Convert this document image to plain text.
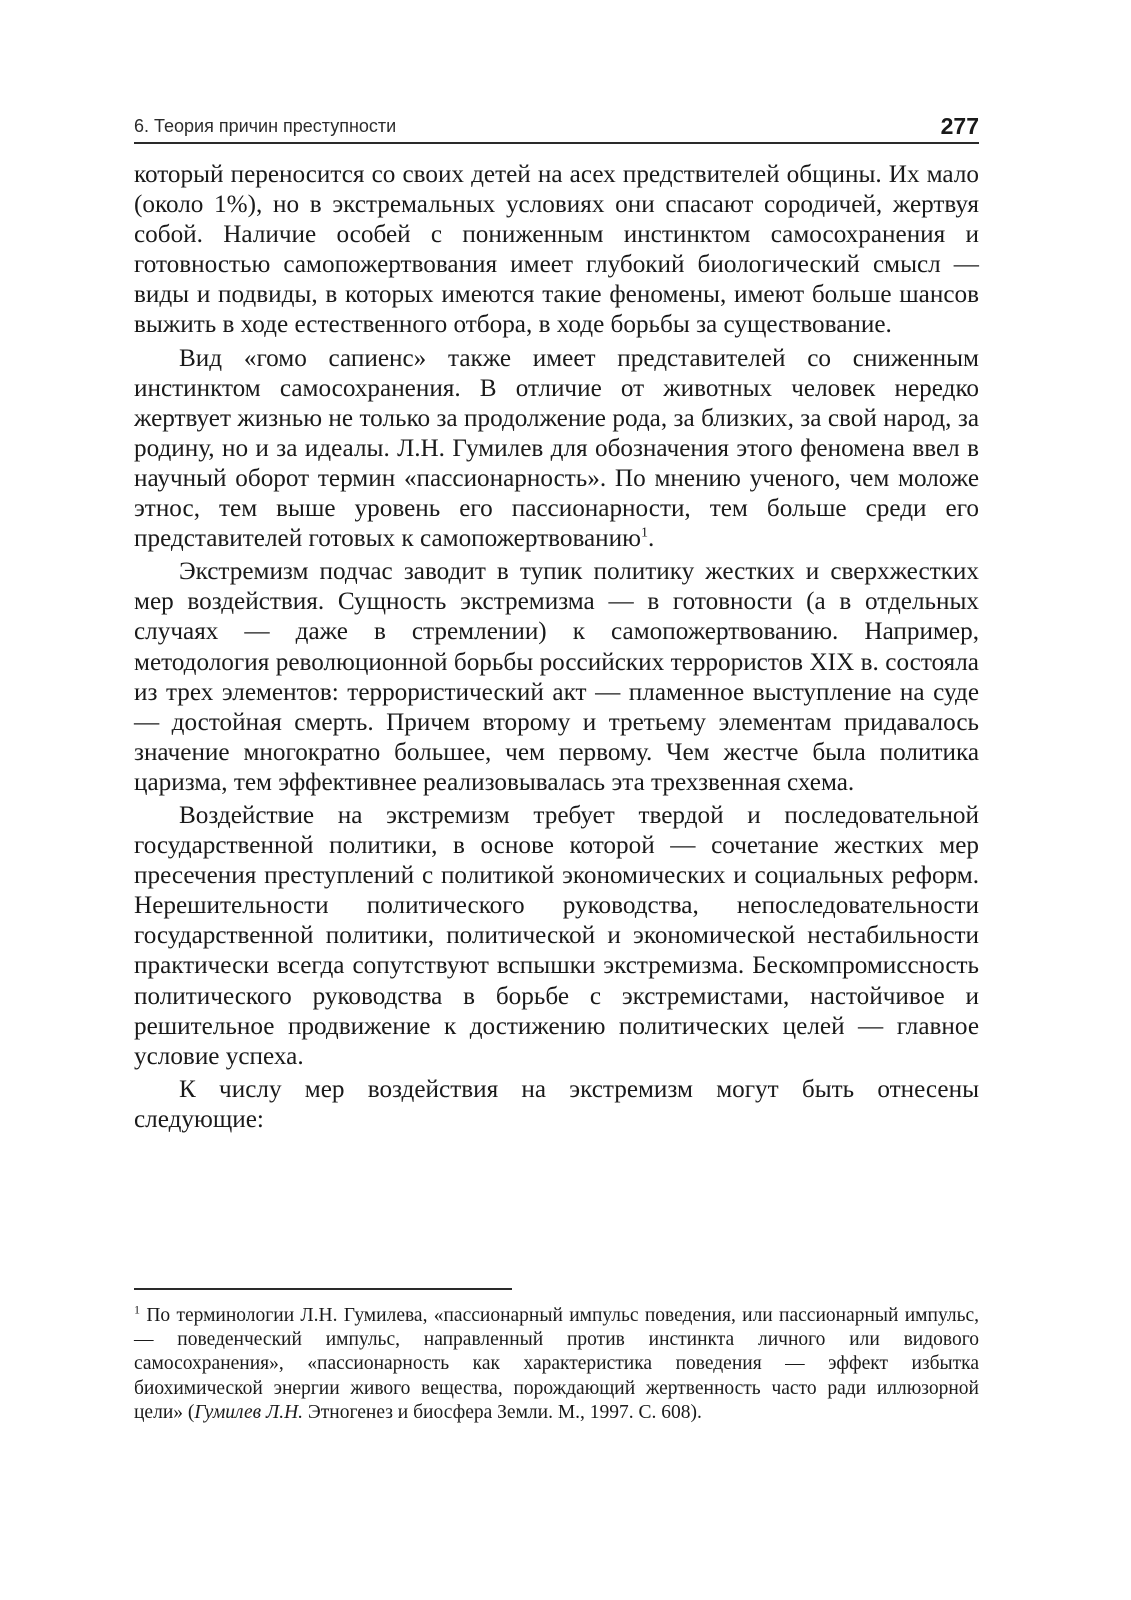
6. Теория причин преступности	277

который переносится со своих детей на асех предствителей общины. Их мало (около 1%), но в экстремальных условиях они спасают сородичей, жертвуя собой. Наличие особей с пониженным инстинктом самосохранения и готовностью самопожертвования имеет глубокий биологический смысл — виды и подвиды, в которых имеются такие феномены, имеют больше шансов выжить в ходе естественного отбора, в ходе борьбы за существование.

Вид «гомо сапиенс» также имеет представителей со сниженным инстинктом самосохранения. В отличие от животных человек нередко жертвует жизнью не только за продолжение рода, за близких, за свой народ, за родину, но и за идеалы. Л.Н. Гумилев для обозначения этого феномена ввел в научный оборот термин «пассионарность». По мнению ученого, чем моложе этнос, тем выше уровень его пассионарности, тем больше среди его представителей готовых к самопожертвованию$^1$.

Экстремизм подчас заводит в тупик политику жестких и сверхжестких мер воздействия. Сущность экстремизма — в готовности (а в отдельных случаях — даже в стремлении) к самопожертвованию. Например, методология революционной борьбы российских террористов XIX в. состояла из трех элементов: террористический акт — пламенное выступление на суде — достойная смерть. Причем второму и третьему элементам придавалось значение многократно большее, чем первому. Чем жестче была политика царизма, тем эффективнее реализовывалась эта трехзвенная схема.

Воздействие на экстремизм требует твердой и последовательной государственной политики, в основе которой — сочетание жестких мер пресечения преступлений с политикой экономических и социальных реформ. Нерешительности политического руководства, непоследовательности государственной политики, политической и экономической нестабильности практически всегда сопутствуют вспышки экстремизма. Бескомпромиссность политического руководства в борьбе с экстремистами, настойчивое и решительное продвижение к достижению политических целей — главное условие успеха.

К числу мер воздействия на экстремизм могут быть отнесены следующие:

$^1$ По терминологии Л.Н. Гумилева, «пассионарный импульс поведения, или пассионарный импульс, — поведенческий импульс, направленный против инстинкта личного или видового самосохранения», «пассионарность как характеристика поведения — эффект избытка биохимической энергии живого вещества, порождающий жертвенность часто ради иллюзорной цели» (Гумилев Л.Н. Этногенез и биосфера Земли. М., 1997. С. 608).
